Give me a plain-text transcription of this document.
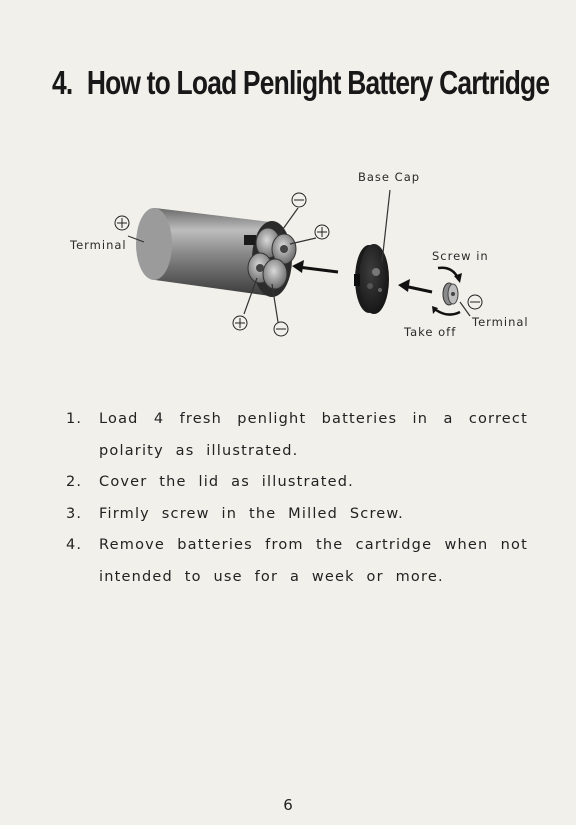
4. How to Load Penlight Battery Cartridge
Base Cap
Terminal
Screw in
Terminal
Take off
1.	Load 4 fresh penlight batteries in a correct polarity as illustrated.
2.	Cover the lid as illustrated.
3.	Firmly screw in the Milled Screw.
4.	Remove batteries from the cartridge when not intended to use for a week or more.
6
